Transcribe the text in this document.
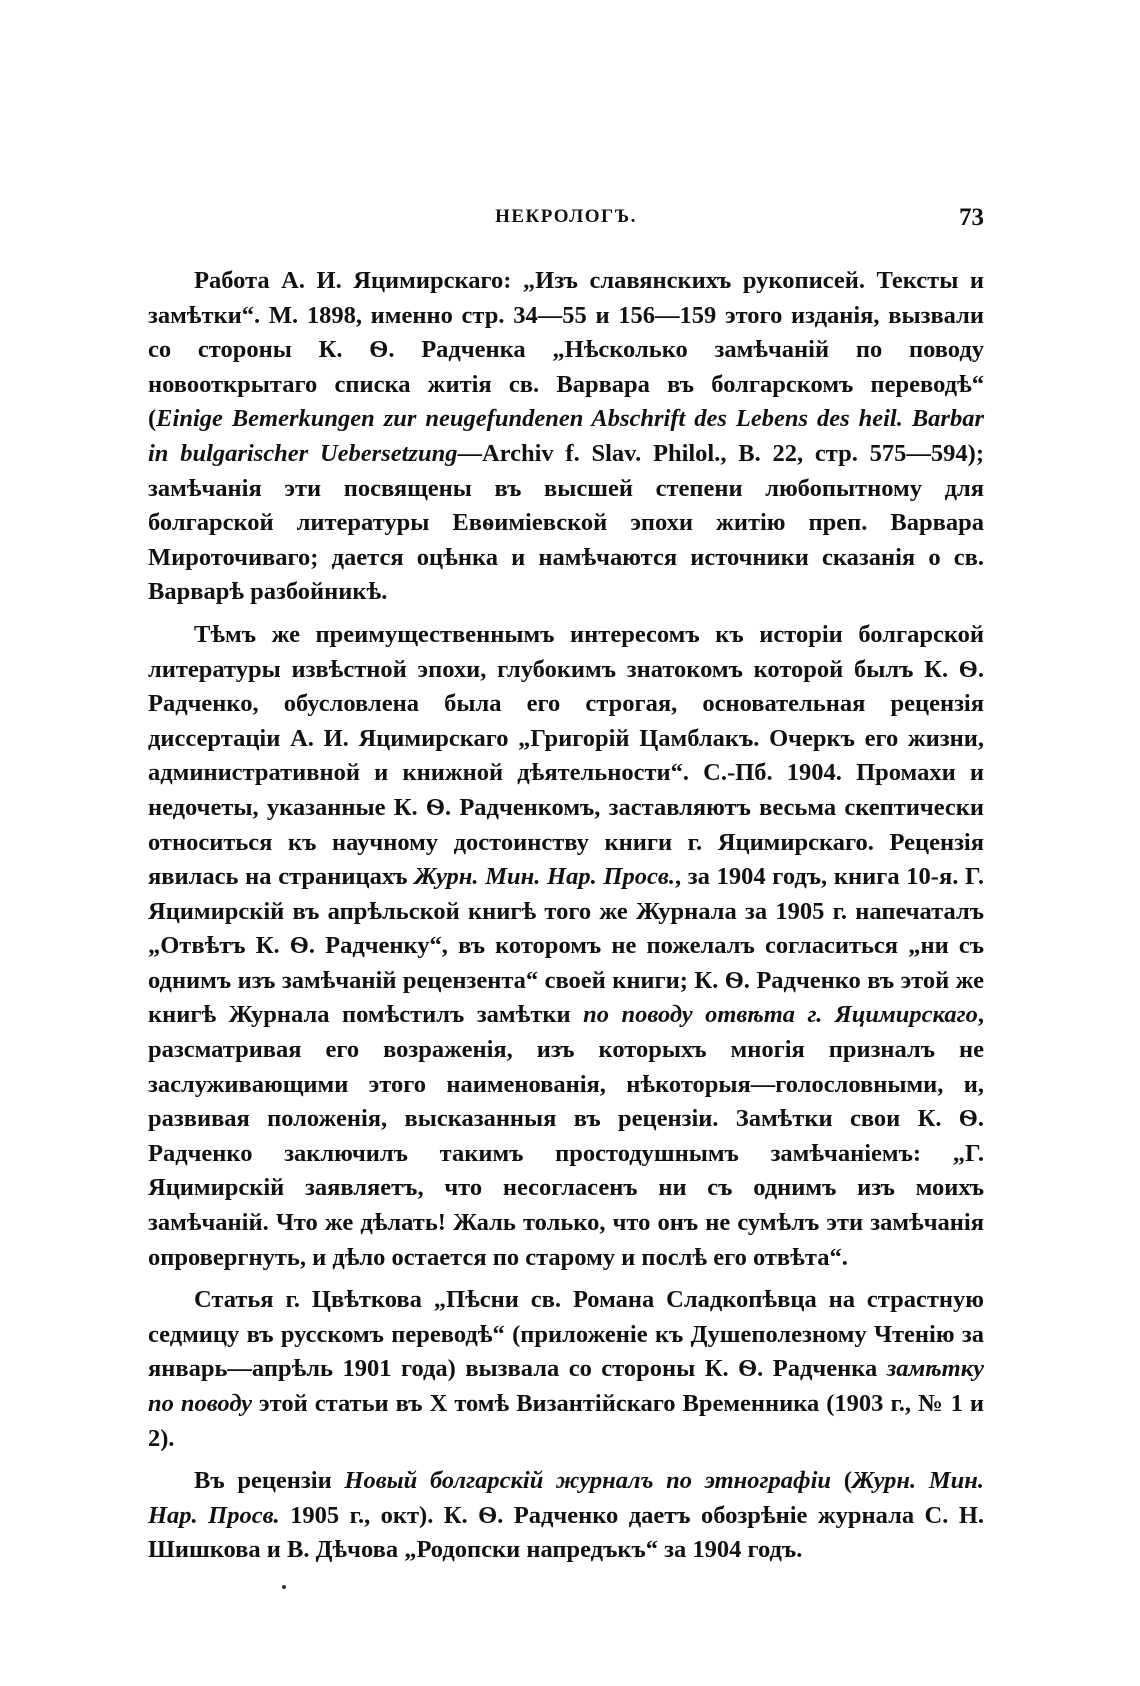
НЕКРОЛОГЪ.	73

Работа А. И. Яцимирскаго: „Изъ славянскихъ рукописей. Тексты и замѣтки“. М. 1898, именно стр. 34—55 и 156—159 этого изданія, вызвали со стороны К. Ѳ. Радченка „Нѣсколько замѣчаній по поводу новооткрытаго списка житія св. Варвара въ болгарскомъ переводѣ“ (Einige Bemerkungen zur neugefundenen Abschrift des Lebens des heil. Barbar in bulgarischer Uebersetzung—Archiv f. Slav. Philol., B. 22, стр. 575—594); замѣчанія эти посвящены въ высшей степени любопытному для болгарской литературы Евѳиміевской эпохи житію преп. Варвара Мироточиваго; дается оцѣнка и намѣчаются источники сказанія о св. Варварѣ разбойникѣ.

Тѣмъ же преимущественнымъ интересомъ къ исторіи болгарской литературы извѣстной эпохи, глубокимъ знатокомъ которой былъ К. Ѳ. Радченко, обусловлена была его строгая, основательная рецензія диссертаціи А. И. Яцимирскаго „Григорій Цамблакъ. Очеркъ его жизни, административной и книжной дѣятельности“. С.-Пб. 1904. Промахи и недочеты, указанные К. Ѳ. Радченкомъ, заставляютъ весьма скептически относиться къ научному достоинству книги г. Яцимирскаго. Рецензія явилась на страницахъ Журн. Мин. Нар. Просв., за 1904 годъ, книга 10-я. Г. Яцимирскій въ апрѣльской книгѣ того же Журнала за 1905 г. напечаталъ „Отвѣтъ К. Ѳ. Радченку“, въ которомъ не пожелалъ согласиться „ни съ однимъ изъ замѣчаній рецензента“ своей книги; К. Ѳ. Радченко въ этой же книгѣ Журнала помѣстилъ замѣтки по поводу отвѣта г. Яцимирскаго, разсматривая его возраженія, изъ которыхъ многія призналъ не заслуживающими этого наименованія, нѣкоторыя—голословными, и, развивая положенія, высказанныя въ рецензіи. Замѣтки свои К. Ѳ. Радченко заключилъ такимъ простодушнымъ замѣчаніемъ: „Г. Яцимирскій заявляетъ, что несогласенъ ни съ однимъ изъ моихъ замѣчаній. Что же дѣлать! Жаль только, что онъ не сумѣлъ эти замѣчанія опровергнуть, и дѣло остается по старому и послѣ его отвѣта“.

Статья г. Цвѣткова „Пѣсни св. Романа Сладкопѣвца на страстную седмицу въ русскомъ переводѣ“ (приложеніе къ Душеполезному Чтенію за январь—апрѣль 1901 года) вызвала со стороны К. Ѳ. Радченка замѣтку по поводу этой статьи въ X томѣ Византійскаго Временника (1903 г., № 1 и 2).

Въ рецензіи Новый болгарскій журналъ по этнографіи (Журн. Мин. Нар. Просв. 1905 г., окт). К. Ѳ. Радченко даетъ обозрѣніе журнала С. Н. Шишкова и В. Дѣчова „Родопски напредъкъ“ за 1904 годъ.
